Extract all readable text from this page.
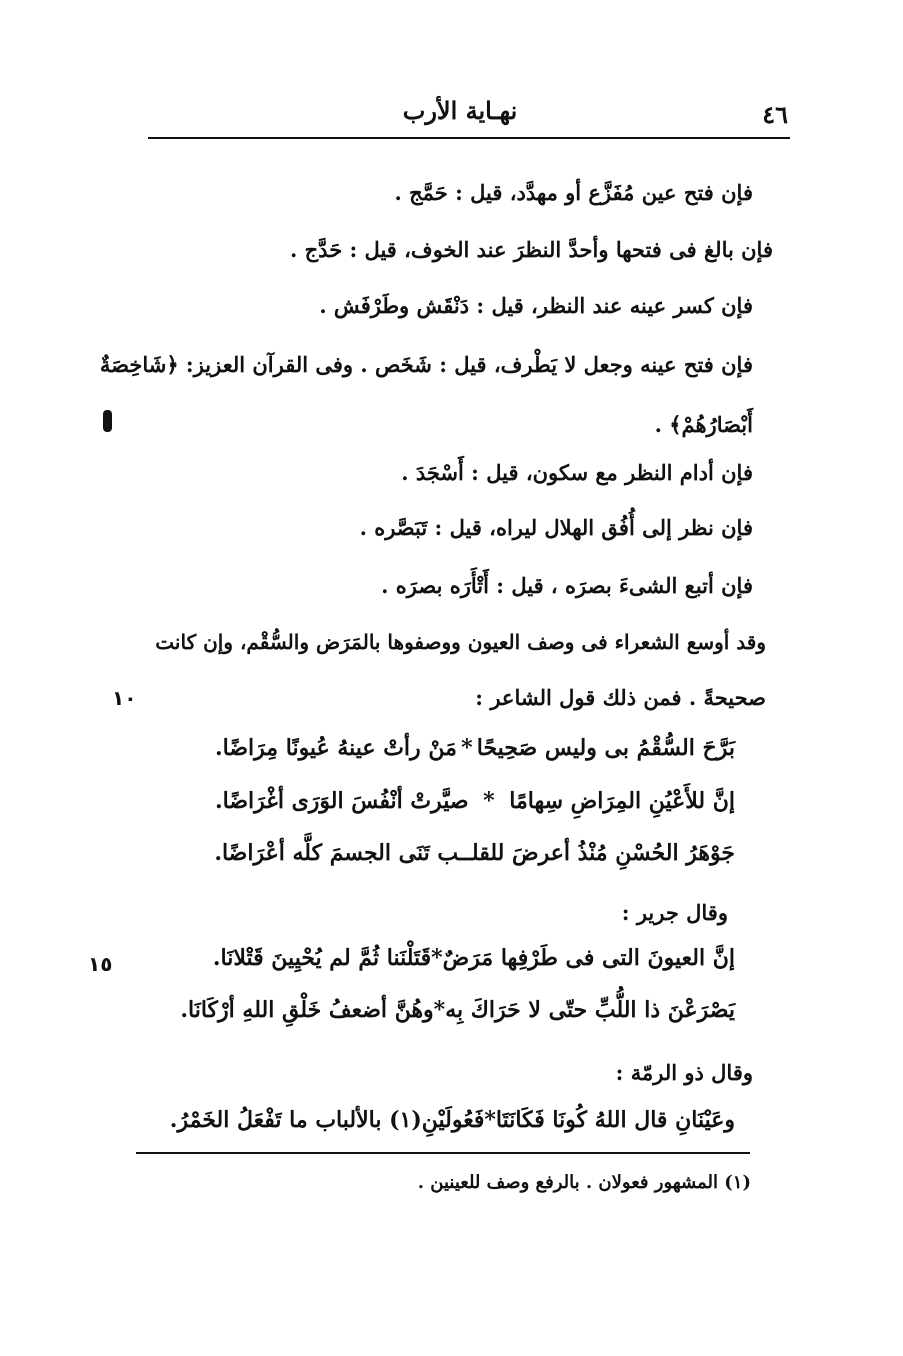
٤٦
نهـاية الأرب
فإن فتح عين مُفَزَّع أو مهدَّد، قيل : حَمَّج .
فإن بالغ فى فتحها وأحدَّ النظرَ عند الخوف، قيل : حَدَّج .
فإن كسر عينه عند النظر، قيل : دَنْقَش وطَرْفَش .
فإن فتح عينه وجعل لا يَطْرف، قيل : شَخَص . وفى القرآن العزيز: ﴿شَاخِصَةٌ
أَبْصَارُهُمْ﴾ .
فإن أدام النظر مع سكون، قيل : أَسْجَدَ .
فإن نظر إلى أُفُق الهلال ليراه، قيل : تَبَصَّره .
فإن أتبع الشىءَ بصرَه ، قيل : أَتْأَرَه بصرَه .
وقد أوسع الشعراء فى وصف العيون ووصفوها بالمَرَض والسُّقْم، وإن كانت
صحيحةً . فمن ذلك قول الشاعر :
١٠
بَرَّحَ السُّقْمُ بى وليس صَحِيحًا
*
مَنْ رأتْ عينهُ عُيونًا مِرَاضًا.
إنَّ للأَعْيُنِ المِرَاضِ سِهامًا
*
صيَّرتْ أنْفُسَ الوَرَى أغْرَاضًا.
جَوْهَرُ الحُسْنِ مُنْذُ أعرضَ للقلـ
ـب تَنَى الجسمَ كلَّه أعْرَاضًا.
وقال جرير :
إنَّ العيونَ التى فى طَرْفِها مَرَضٌ
*
قَتَلْنَنا ثُمَّ لم يُحْيِينَ قَتْلانَا.
١٥
يَصْرَعْنَ ذا اللُّبِّ حتّى لا حَرَاكَ بِه
*
وهُنَّ أضعفُ خَلْقِ اللهِ أرْكَانَا.
وقال ذو الرمّة :
وعَيْنَانِ قال اللهُ كُونَا فَكَانَتَا
*
فَعُولَيْنِ(١) بالألباب ما تَفْعَلُ الخَمْرُ.
(١) المشهور فعولان . بالرفع وصف للعينين .
